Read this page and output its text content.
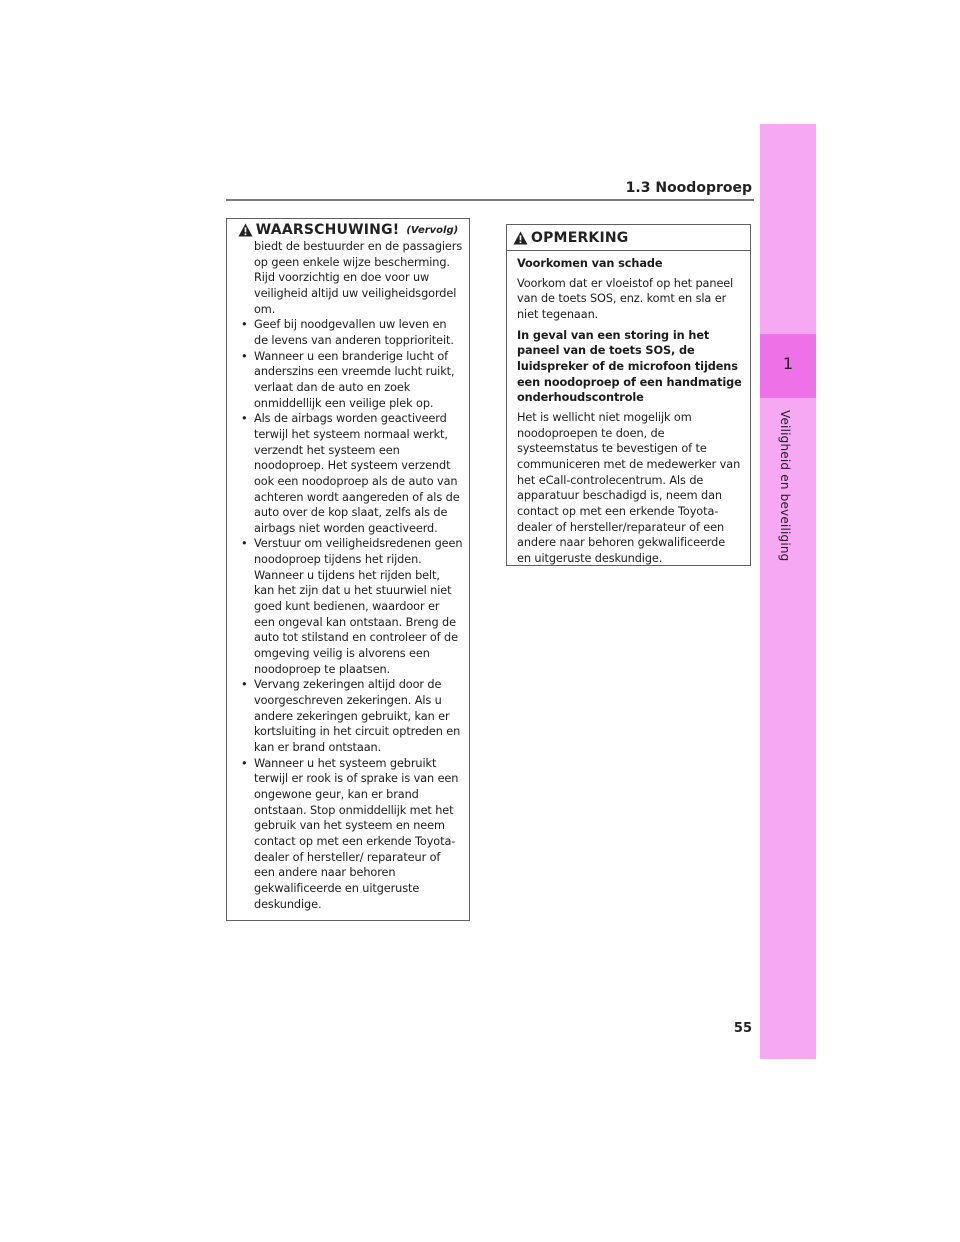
1.3 Noodoproep
1
Veiligheid en beveiliging
WAARSCHUWING! (Vervolg)

biedt de bestuurder en de passagiers op geen enkele wijze bescherming. Rijd voorzichtig en doe voor uw veiligheid altijd uw veiligheidsgordel om.

• Geef bij noodgevallen uw leven en de levens van anderen topprioriteit.
• Wanneer u een branderige lucht of anderszins een vreemde lucht ruikt, verlaat dan de auto en zoek onmiddellijk een veilige plek op.
• Als de airbags worden geactiveerd terwijl het systeem normaal werkt, verzendt het systeem een noodoproep. Het systeem verzendt ook een noodoproep als de auto van achteren wordt aangereden of als de auto over de kop slaat, zelfs als de airbags niet worden geactiveerd.
• Verstuur om veiligheidsredenen geen noodoproep tijdens het rijden. Wanneer u tijdens het rijden belt, kan het zijn dat u het stuurwiel niet goed kunt bedienen, waardoor er een ongeval kan ontstaan. Breng de auto tot stilstand en controleer of de omgeving veilig is alvorens een noodoproep te plaatsen.
• Vervang zekeringen altijd door de voorgeschreven zekeringen. Als u andere zekeringen gebruikt, kan er kortsluiting in het circuit optreden en kan er brand ontstaan.
• Wanneer u het systeem gebruikt terwijl er rook is of sprake is van een ongewone geur, kan er brand ontstaan. Stop onmiddellijk met het gebruik van het systeem en neem contact op met een erkende Toyota-dealer of hersteller/ reparateur of een andere naar behoren gekwalificeerde en uitgeruste deskundige.
OPMERKING

Voorkomen van schade

Voorkom dat er vloeistof op het paneel van de toets SOS, enz. komt en sla er niet tegenaan.

In geval van een storing in het paneel van de toets SOS, de luidspreker of de microfoon tijdens een noodoproep of een handmatige onderhoudscontrole

Het is wellicht niet mogelijk om noodoproepen te doen, de systeemstatus te bevestigen of te communiceren met de medewerker van het eCall-controlecentrum. Als de apparatuur beschadigd is, neem dan contact op met een erkende Toyota-dealer of hersteller/reparateur of een andere naar behoren gekwalificeerde en uitgeruste deskundige.

55
